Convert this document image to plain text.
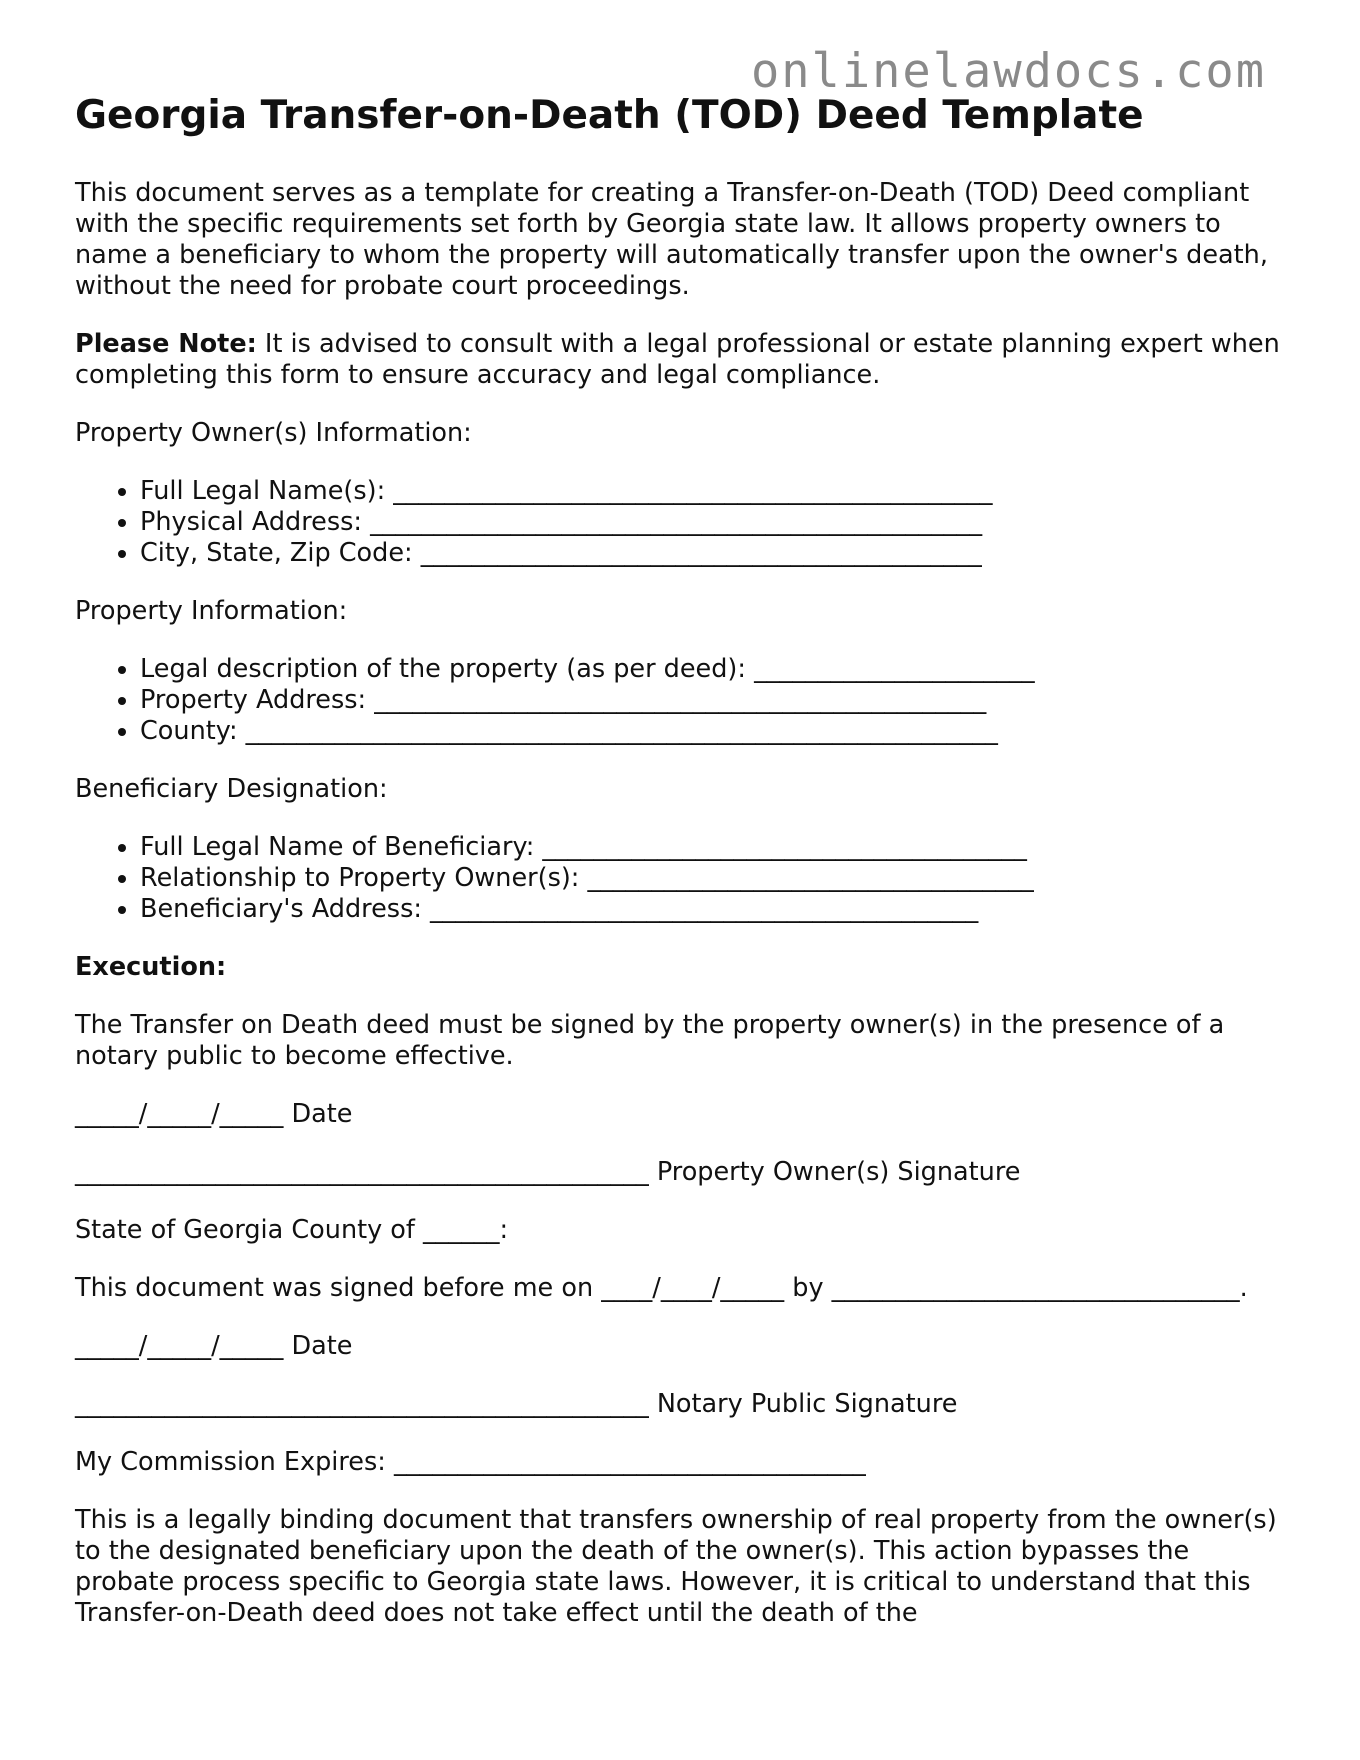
onlinelawdocs.com
Georgia Transfer-on-Death (TOD) Deed Template

This document serves as a template for creating a Transfer-on-Death (TOD) Deed compliant with the specific requirements set forth by Georgia state law. It allows property owners to name a beneficiary to whom the property will automatically transfer upon the owner's death, without the need for probate court proceedings.

Please Note: It is advised to consult with a legal professional or estate planning expert when completing this form to ensure accuracy and legal compliance.

Property Owner(s) Information:

• Full Legal Name(s): _______________________________________________
• Physical Address: ________________________________________________
• City, State, Zip Code: ____________________________________________

Property Information:

• Legal description of the property (as per deed): ______________________
• Property Address: ________________________________________________
• County: ___________________________________________________________

Beneficiary Designation:

• Full Legal Name of Beneficiary: ______________________________________
• Relationship to Property Owner(s): ___________________________________
• Beneficiary's Address: ___________________________________________

Execution:

The Transfer on Death deed must be signed by the property owner(s) in the presence of a notary public to become effective.

_____/_____/_____ Date

_____________________________________________ Property Owner(s) Signature

State of Georgia County of ______:

This document was signed before me on ____/____/_____ by ________________________________.

_____/_____/_____ Date

_____________________________________________ Notary Public Signature

My Commission Expires: _____________________________________

This is a legally binding document that transfers ownership of real property from the owner(s) to the designated beneficiary upon the death of the owner(s). This action bypasses the probate process specific to Georgia state laws. However, it is critical to understand that this Transfer-on-Death deed does not take effect until the death of the
